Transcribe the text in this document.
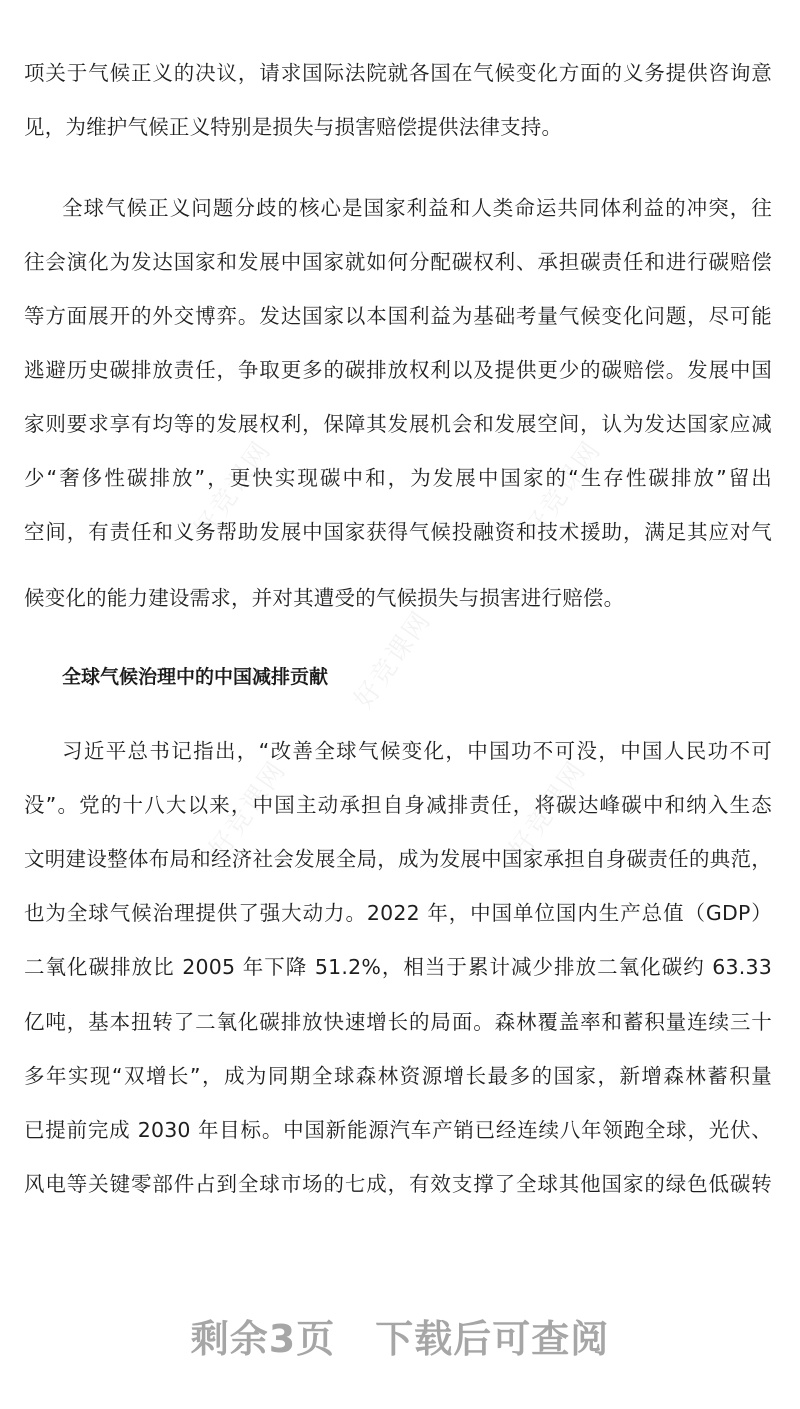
好竞课网	好竞课网
好竞课网
好竞课网	好竞课网
项关于气候正义的决议，请求国际法院就各国在气候变化方面的义务提供咨询意
见，为维护气候正义特别是损失与损害赔偿提供法律支持。
全球气候正义问题分歧的核心是国家利益和人类命运共同体利益的冲突，往
往会演化为发达国家和发展中国家就如何分配碳权利、承担碳责任和进行碳赔偿
等方面展开的外交博弈。发达国家以本国利益为基础考量气候变化问题，尽可能
逃避历史碳排放责任，争取更多的碳排放权利以及提供更少的碳赔偿。发展中国
家则要求享有均等的发展权利，保障其发展机会和发展空间，认为发达国家应减
少“奢侈性碳排放”，更快实现碳中和，为发展中国家的“生存性碳排放”留出
空间，有责任和义务帮助发展中国家获得气候投融资和技术援助，满足其应对气
候变化的能力建设需求，并对其遭受的气候损失与损害进行赔偿。
全球气候治理中的中国减排贡献
习近平总书记指出，“改善全球气候变化，中国功不可没，中国人民功不可
没”。党的十八大以来，中国主动承担自身减排责任，将碳达峰碳中和纳入生态
文明建设整体布局和经济社会发展全局，成为发展中国家承担自身碳责任的典范，
也为全球气候治理提供了强大动力。2022 年，中国单位国内生产总值（GDP）
二氧化碳排放比 2005 年下降 51.2%，相当于累计减少排放二氧化碳约 63.33
亿吨，基本扭转了二氧化碳排放快速增长的局面。森林覆盖率和蓄积量连续三十
多年实现“双增长”，成为同期全球森林资源增长最多的国家，新增森林蓄积量
已提前完成 2030 年目标。中国新能源汽车产销已经连续八年领跑全球，光伏、
风电等关键零部件占到全球市场的七成，有效支撑了全球其他国家的绿色低碳转
剩余3页 下载后可查阅
